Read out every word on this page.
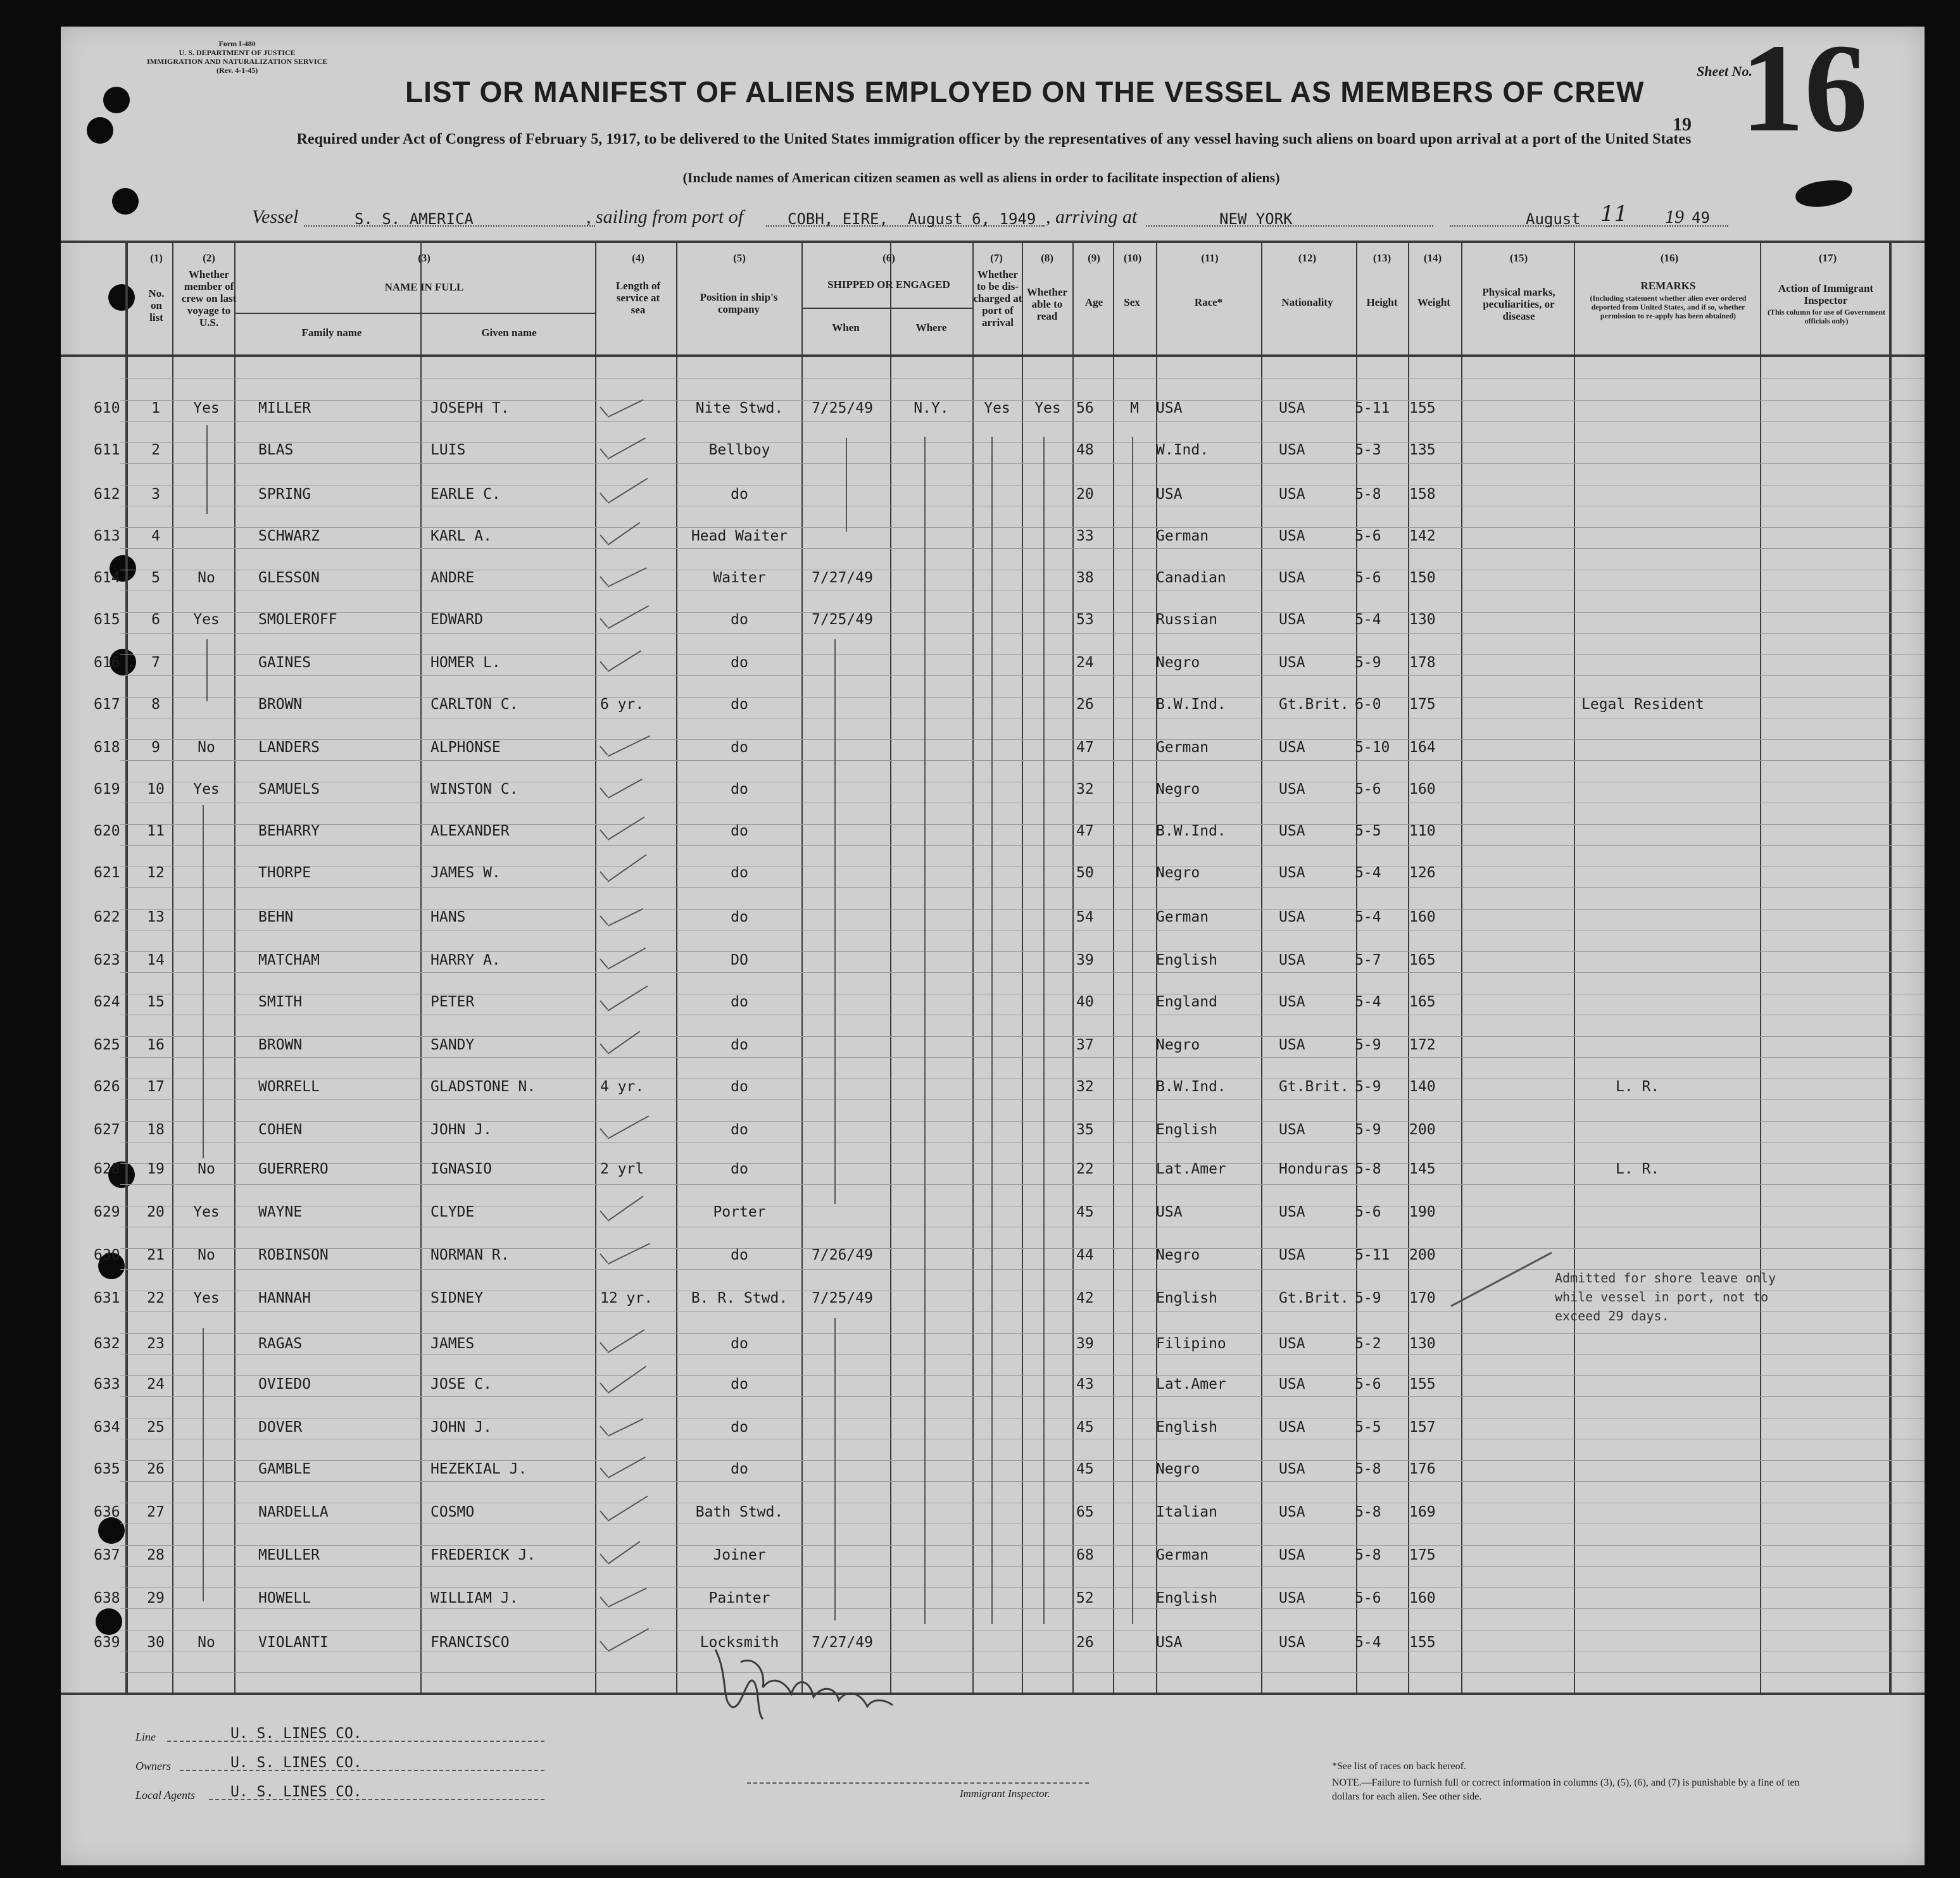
Form I-480
U. S. DEPARTMENT OF JUSTICE
IMMIGRATION AND NATURALIZATION SERVICE
(Rev. 4-1-45)
LIST OR MANIFEST OF ALIENS EMPLOYED ON THE VESSEL AS MEMBERS OF CREW
Sheet No.
16
19
Required under Act of Congress of February 5, 1917, to be delivered to the United States immigration officer by the representatives of any vessel having such aliens on board upon arrival at a port of the United States
(Include names of American citizen seamen as well as aliens in order to facilitate inspection of aliens)
Vessel	S. S. AMERICA	, sailing from port of	COBH, EIRE, August 6, 1949 , arriving at	NEW YORK	August 11 19 49
(1)
No. on list
(2)
Whether member of crew on last voyage to U.S.
(3)
NAME IN FULL
Family name	Given name
(4)
Length of service at sea
(5)
Position in ship's company
(6)
SHIPPED OR ENGAGED
When	Where
(7)
Whether to be dis-charged at port of arrival
(8)
Whether able to read
(9)
Age
(10)
Sex
(11)
Race*
(12)
Nationality
(13)
Height
(14)
Weight
(15)
Physical marks, peculiarities, or disease
(16)
REMARKS
(Including statement whether alien ever ordered deported from United States, and if so, whether permission to re-apply has been obtained)
(17)
Action of Immigrant Inspector
(This column for use of Government officials only)
610	1	Yes	MILLER	JOSEPH T.	Nite Stwd.	7/25/49	N.Y.	Yes	Yes	56	M	USA	USA	5-11 155
611	2	BLAS	LUIS	Bellboy	48	W.Ind.	USA	5-3 135
612	3	SPRING	EARLE C.	do	20	USA	USA	5-8 158
613	4	SCHWARZ	KARL A.	Head Waiter	33	German	USA	5-6 142
614	5	No	GLESSON	ANDRE	Waiter	7/27/49	38	Canadian	USA	5-6 150
615	6	Yes	SMOLEROFF	EDWARD	do	7/25/49	53	Russian	USA	5-4 130
616	7	GAINES	HOMER L.	do	24	Negro	USA	5-9 178
617	8	BROWN	CARLTON C.	6 yr.	do	26	B.W.Ind.	Gt.Brit. 6-0 175	Legal Resident
618	9	No	LANDERS	ALPHONSE	do	47	German	USA	5-10 164
619	10	Yes	SAMUELS	WINSTON C.	do	32	Negro	USA	5-6 160
620	11	BEHARRY	ALEXANDER	do	47	B.W.Ind.	USA	5-5 110
621	12	THORPE	JAMES W.	do	50	Negro	USA	5-4 126
622	13	BEHN	HANS	do	54	German	USA	5-4 160
623	14	MATCHAM	HARRY A.	DO	39	English	USA	5-7 165
624	15	SMITH	PETER	do	40	England	USA	5-4 165
625	16	BROWN	SANDY	do	37	Negro	USA	5-9 172
626	17	WORRELL	GLADSTONE N.	4 yr.	do	32	B.W.Ind.	Gt.Brit. 5-9 140	L. R.
627	18	COHEN	JOHN J.	do	35	English	USA	5-9 200
628	19	No	GUERRERO	IGNASIO	2 yrl	do	22	Lat.Amer	Honduras 5-8 145	L. R.
629	20	Yes	WAYNE	CLYDE	Porter	45	USA	USA	5-6 190
630	21	No	ROBINSON	NORMAN R.	do	7/26/49	44	Negro	USA	5-11 200
631	22	Yes	HANNAH	SIDNEY	12 yr.	B. R. Stwd.	7/25/49	42	English	Gt.Brit. 5-9 170
632	23	RAGAS	JAMES	do	39	Filipino	USA	5-2 130
633	24	OVIEDO	JOSE C.	do	43	Lat.Amer	USA	5-6 155
634	25	DOVER	JOHN J.	do	45	English	USA	5-5 157
635	26	GAMBLE	HEZEKIAL J.	do	45	Negro	USA	5-8 176
636	27	NARDELLA	COSMO	Bath Stwd.	65	Italian	USA	5-8 169
637	28	MEULLER	FREDERICK J.	Joiner	68	German	USA	5-8 175
638	29	HOWELL	WILLIAM J.	Painter	52	English	USA	5-6 160
639	30	No	VIOLANTI	FRANCISCO	Locksmith	7/27/49	26	USA	USA	5-4 155
Admitted for shore leave only while vessel in port, not to exceed 29 days.
Line	U. S. LINES CO.
Owners	U. S. LINES CO.
Local Agents U. S. LINES CO.	Immigrant Inspector.
*See list of races on back hereof.
NOTE.—Failure to furnish full or correct information in columns (3), (5), (6), and (7) is punishable by a fine of ten dollars for each alien. See other side.
